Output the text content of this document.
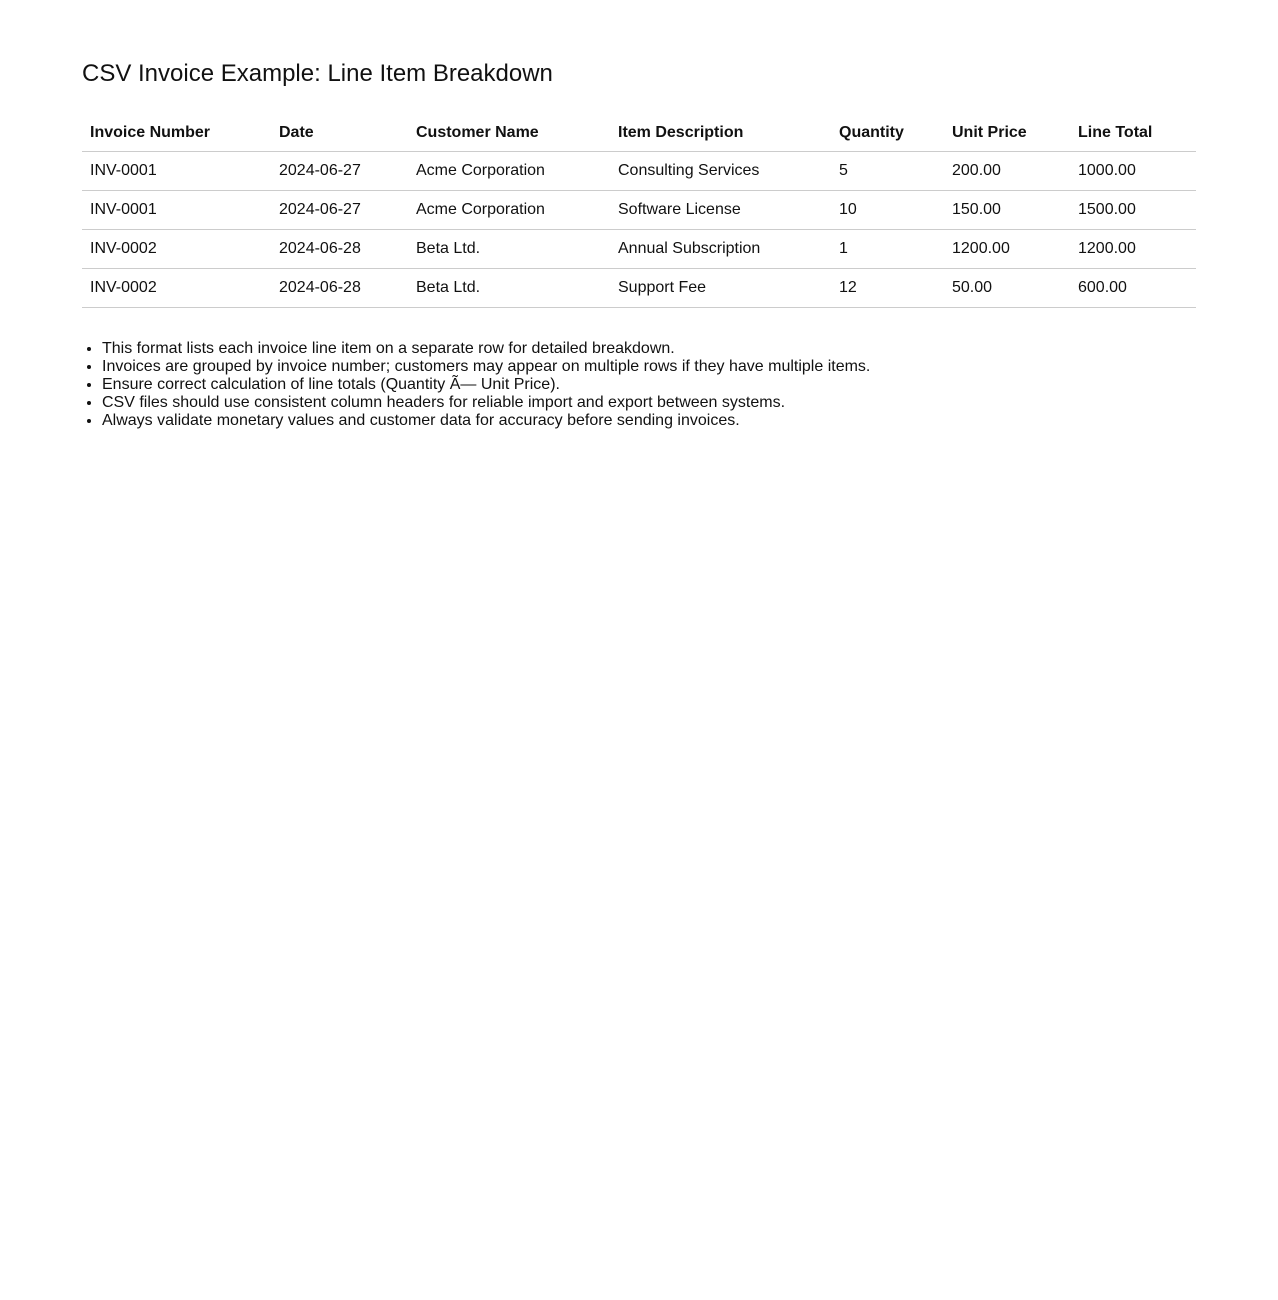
CSV Invoice Example: Line Item Breakdown
Invoice Number	Date	Customer Name	Item Description	Quantity	Unit Price	Line Total
INV-0001	2024-06-27	Acme Corporation	Consulting Services	5	200.00	1000.00
INV-0001	2024-06-27	Acme Corporation	Software License	10	150.00	1500.00
INV-0002	2024-06-28	Beta Ltd.	Annual Subscription	1	1200.00	1200.00
INV-0002	2024-06-28	Beta Ltd.	Support Fee	12	50.00	600.00
• This format lists each invoice line item on a separate row for detailed breakdown.
• Invoices are grouped by invoice number; customers may appear on multiple rows if they have multiple items.
• Ensure correct calculation of line totals (Quantity Ã— Unit Price).
• CSV files should use consistent column headers for reliable import and export between systems.
• Always validate monetary values and customer data for accuracy before sending invoices.
